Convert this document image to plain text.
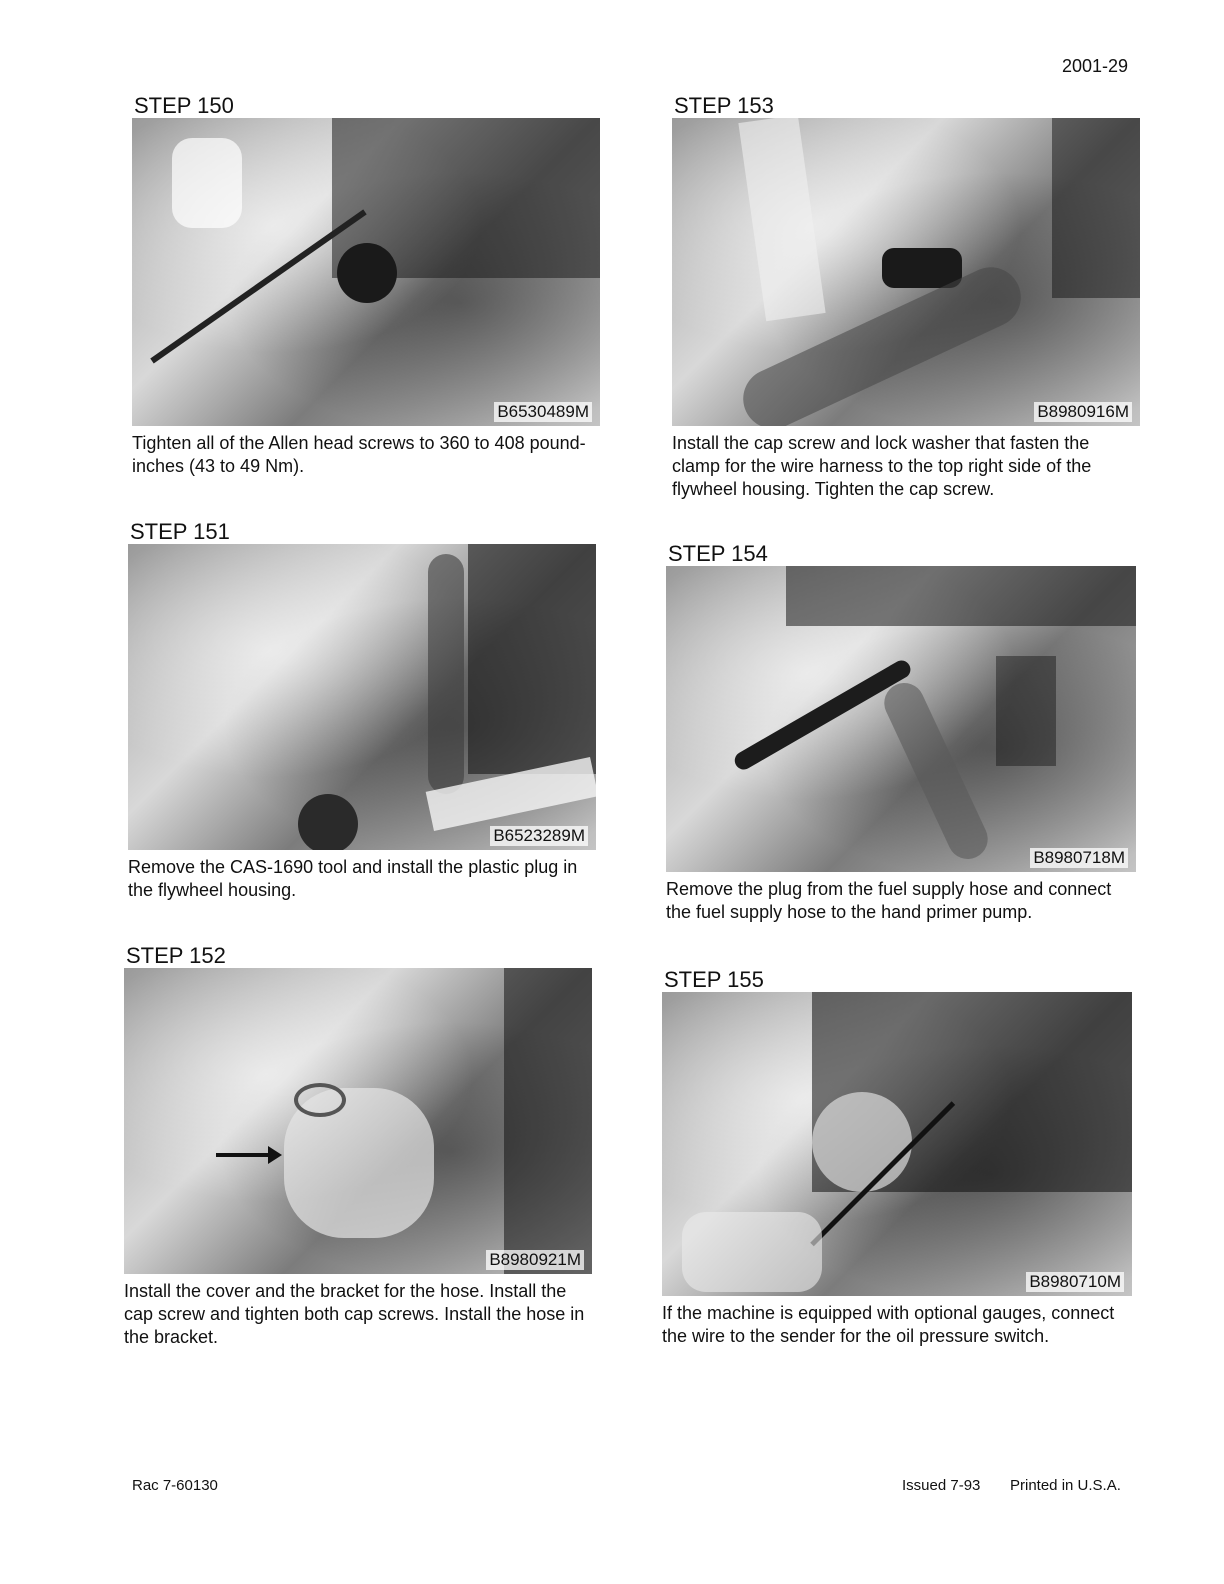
2001-29
STEP 150
B6530489M
Tighten all of the Allen head screws to 360 to 408 pound-inches (43 to 49 Nm).
STEP 151
B6523289M
Remove the CAS-1690 tool and install the plastic plug in the flywheel housing.
STEP 152
B8980921M
Install the cover and the bracket for the hose. Install the cap screw and tighten both cap screws. Install the hose in the bracket.
STEP 153
B8980916M
Install the cap screw and lock washer that fasten the clamp for the wire harness to the top right side of the flywheel housing. Tighten the cap screw.
STEP 154
B8980718M
Remove the plug from the fuel supply hose and connect the fuel supply hose to the hand primer pump.
STEP 155
B8980710M
If the machine is equipped with optional gauges, connect the wire to the sender for the oil pressure switch.
Rac 7-60130	Issued 7-93 Printed in U.S.A.
